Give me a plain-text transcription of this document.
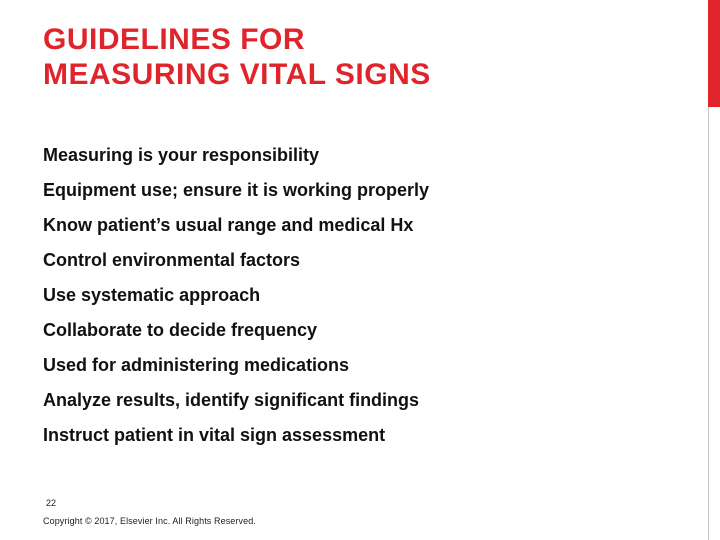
GUIDELINES FOR MEASURING VITAL SIGNS
Measuring is your responsibility
Equipment use; ensure it is working properly
Know patient’s usual range and medical Hx
Control environmental factors
Use systematic approach
Collaborate to decide frequency
Used for administering medications
Analyze results, identify significant findings
Instruct patient in vital sign assessment
22
Copyright © 2017, Elsevier Inc. All Rights Reserved.
